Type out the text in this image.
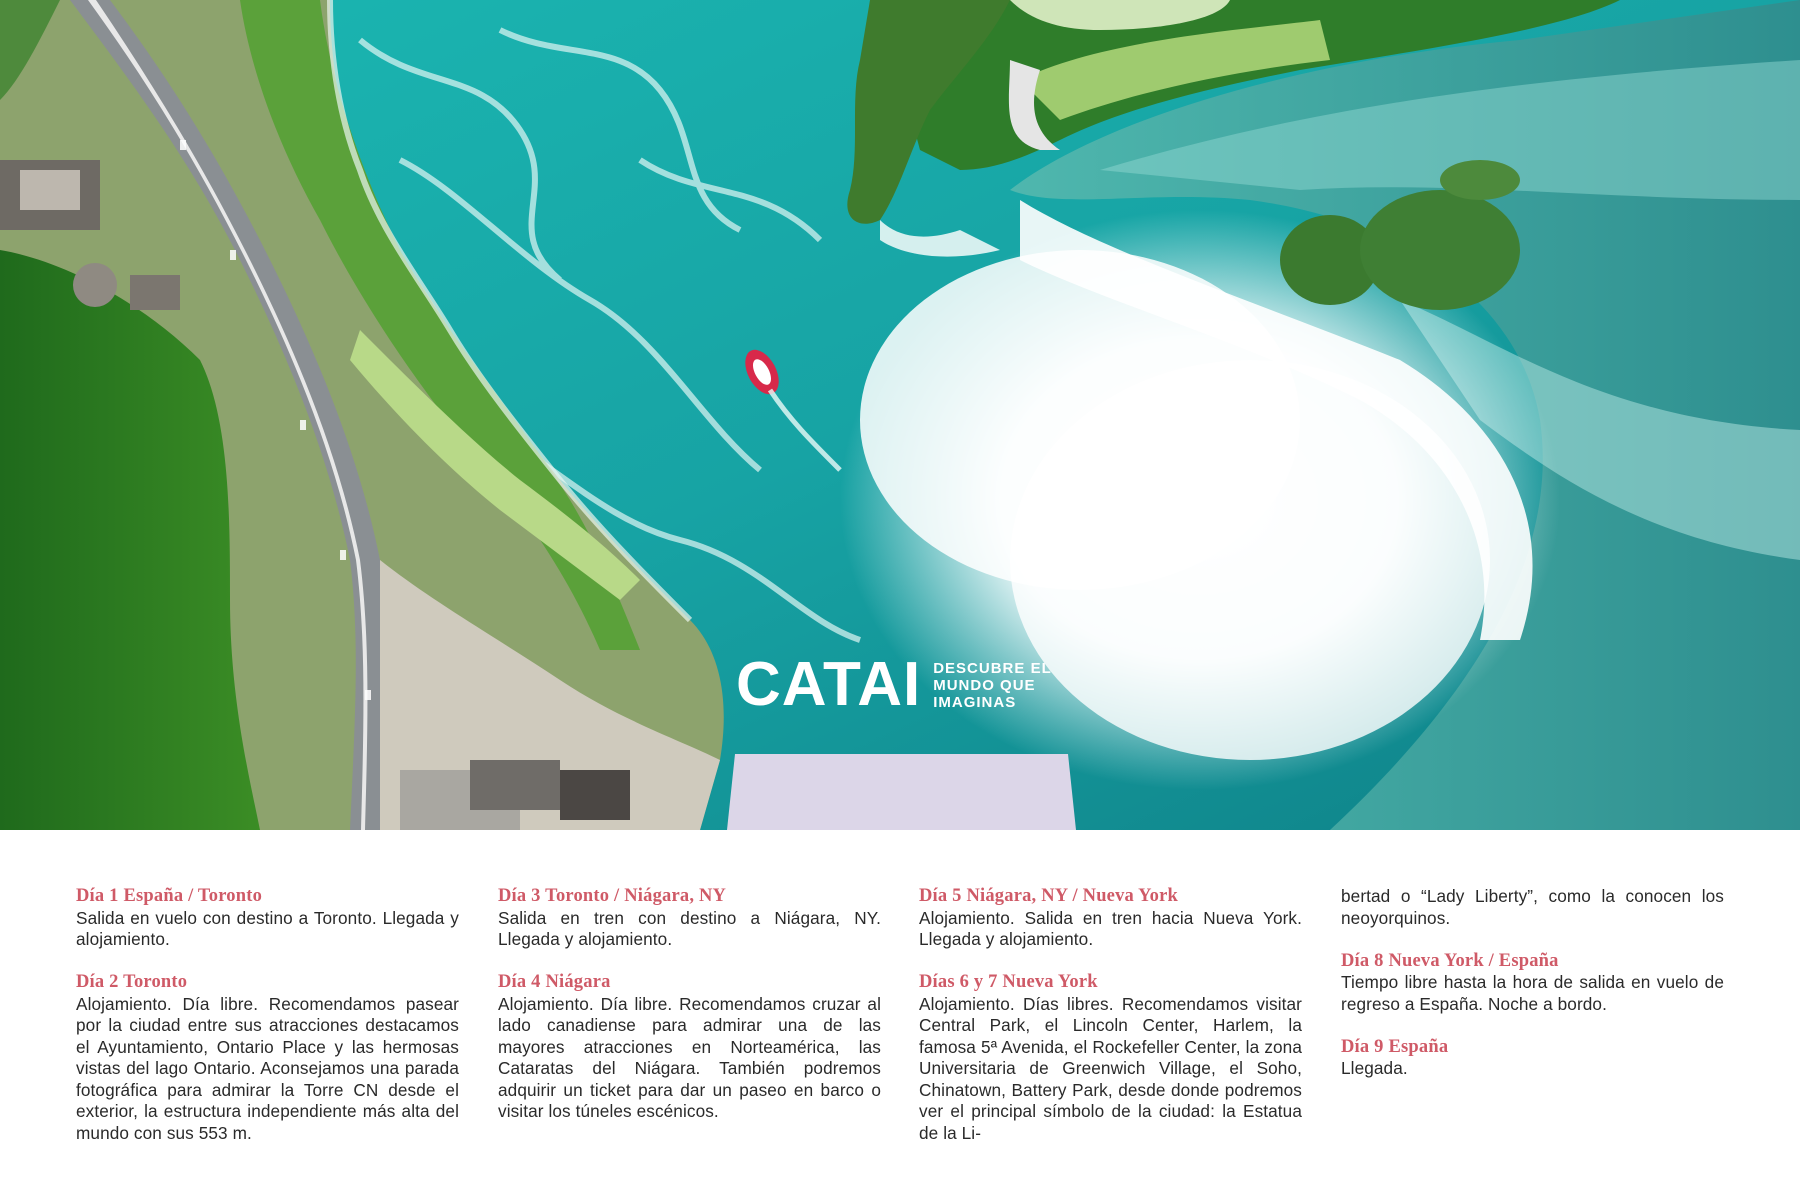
CATAI DESCUBRE EL
MUNDO QUE
IMAGINAS

Día 1 España / Toronto

Salida en vuelo con destino a Toronto. Llegada y alojamiento.

Día 2 Toronto

Alojamiento. Día libre. Recomendamos pasear por la ciudad entre sus atracciones destacamos el Ayuntamiento, Ontario Place y las hermosas vistas del lago Ontario. Aconsejamos una parada fotográfica para admirar la Torre CN desde el exterior, la estructura independiente más alta del mundo con sus 553 m.

Día 3 Toronto / Niágara, NY

Salida en tren con destino a Niágara, NY. Llegada y alojamiento.

Día 4 Niágara

Alojamiento. Día libre. Recomendamos cruzar al lado canadiense para admirar una de las mayores atracciones en Norteamérica, las Cataratas del Niágara. También podremos adquirir un ticket para dar un paseo en barco o visitar los túneles escénicos.

Día 5 Niágara, NY / Nueva York

Alojamiento. Salida en tren hacia Nueva York. Llegada y alojamiento.

Días 6 y 7 Nueva York

Alojamiento. Días libres. Recomendamos visitar Central Park, el Lincoln Center, Harlem, la famosa 5ª Avenida, el Rockefeller Center, la zona Universitaria de Greenwich Village, el Soho, Chinatown, Battery Park, desde donde podremos ver el principal símbolo de la ciudad: la Estatua de la Li-

bertad o “Lady Liberty”, como la conocen los neoyorquinos.

Día 8 Nueva York / España

Tiempo libre hasta la hora de salida en vuelo de regreso a España. Noche a bordo.

Día 9 España

Llegada.
